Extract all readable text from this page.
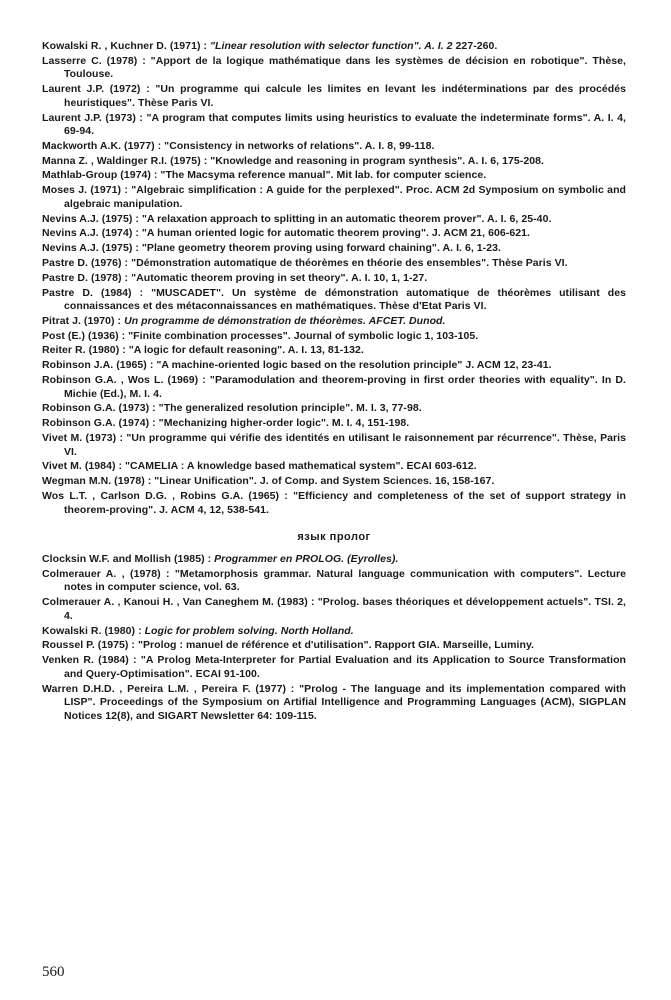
Kowalski R. , Kuchner D. (1971) : "Linear resolution with selector function". A. I. 2 227-260.

Lasserre C. (1978) : "Apport de la logique mathématique dans les systèmes de décision en robotique". Thèse, Toulouse.

Laurent J.P. (1972) : "Un programme qui calcule les limites en levant les indéterminations par des procédés heuristiques". Thèse Paris VI.

Laurent J.P. (1973) : "A program that computes limits using heuristics to evaluate the indeterminate forms". A. I. 4, 69-94.

Mackworth A.K. (1977) : "Consistency in networks of relations". A. I. 8, 99-118.

Manna Z. , Waldinger R.I. (1975) : "Knowledge and reasoning in program synthesis". A. I. 6, 175-208.

Mathlab-Group (1974) : "The Macsyma reference manual". Mit lab. for computer science.

Moses J. (1971) : "Algebraic simplification : A guide for the perplexed". Proc. ACM 2d Symposium on symbolic and algebraic manipulation.

Nevins A.J. (1975) : "A relaxation approach to splitting in an automatic theorem prover". A. I. 6, 25-40.

Nevins A.J. (1974) : "A human oriented logic for automatic theorem proving". J. ACM 21, 606-621.

Nevins A.J. (1975) : "Plane geometry theorem proving using forward chaining". A. I. 6, 1-23.

Pastre D. (1976) : "Démonstration automatique de théorèmes en théorie des ensembles". Thèse Paris VI.

Pastre D. (1978) : "Automatic theorem proving in set theory". A. I. 10, 1, 1-27.

Pastre D. (1984) : "MUSCADET". Un système de démonstration automatique de théorèmes utilisant des connaissances et des métaconnaissances en mathématiques. Thèse d'Etat Paris VI.

Pitrat J. (1970) : Un programme de démonstration de théorèmes. AFCET. Dunod.

Post (E.) (1936) : "Finite combination processes". Journal of symbolic logic 1, 103-105.

Reiter R. (1980) : "A logic for default reasoning". A. I. 13, 81-132.

Robinson J.A. (1965) : "A machine-oriented logic based on the resolution principle" J. ACM 12, 23-41.

Robinson G.A. , Wos L. (1969) : "Paramodulation and theorem-proving in first order theories with equality". In D. Michie (Ed.), M. I. 4.

Robinson G.A. (1973) : "The generalized resolution principle". M. I. 3, 77-98.

Robinson G.A. (1974) : "Mechanizing higher-order logic". M. I. 4, 151-198.

Vivet M. (1973) : "Un programme qui vérifie des identités en utilisant le raisonnement par récurrence". Thèse, Paris VI.

Vivet M. (1984) : "CAMELIA : A knowledge based mathematical system". ECAI 603-612.

Wegman M.N. (1978) : "Linear Unification". J. of Comp. and System Sciences. 16, 158-167.

Wos L.T. , Carlson D.G. , Robins G.A. (1965) : "Efficiency and completeness of the set of support strategy in theorem-proving". J. ACM 4, 12, 538-541.

язык пролог

Clocksin W.F. and Mollish (1985) : Programmer en PROLOG. (Eyrolles).

Colmerauer A. , (1978) : "Metamorphosis grammar. Natural language communication with computers". Lecture notes in computer science, vol. 63.

Colmerauer A. , Kanoui H. , Van Caneghem M. (1983) : "Prolog. bases théoriques et développement actuels". TSI. 2, 4.

Kowalski R. (1980) : Logic for problem solving. North Holland.

Roussel P. (1975) : "Prolog : manuel de référence et d'utilisation". Rapport GIA. Marseille, Luminy.

Venken R. (1984) : "A Prolog Meta-Interpreter for Partial Evaluation and its Application to Source Transformation and Query-Optimisation". ECAI 91-100.

Warren D.H.D. , Pereira L.M. , Pereira F. (1977) : "Prolog - The language and its implementation compared with LISP". Proceedings of the Symposium on Artifial Intelligence and Programming Languages (ACM), SIGPLAN Notices 12(8), and SIGART Newsletter 64: 109-115.

560
